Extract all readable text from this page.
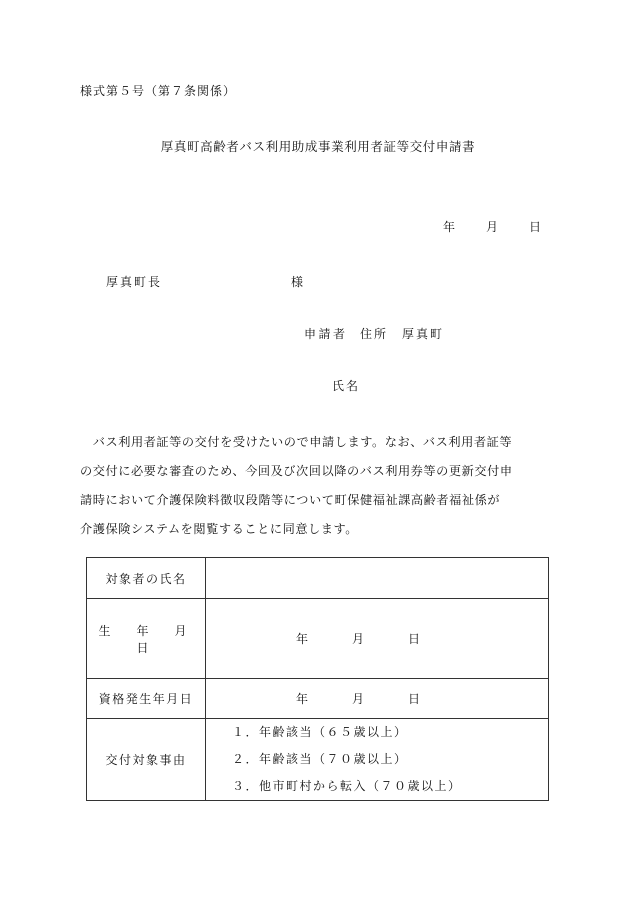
様式第５号（第７条関係）
厚真町高齢者バス利用助成事業利用者証等交付申請書
年	月	日
厚真町長	様
申請者 住所 厚真町
氏名
　バス利用者証等の交付を受けたいので申請します。なお、バス利用者証等
の交付に必要な審査のため、今回及び次回以降のバス利用券等の更新交付申
請時において介護保険料徴収段階等について町保健福祉課高齢者福祉係が
介護保険システムを閲覧することに同意します。
対象者の氏名	
生　年　月　日	年 月 日

資格発生年月日	年 月 日

交付対象事由	１．年齢該当（６５歳以上）
２．年齢該当（７０歳以上）
３．他市町村から転入（７０歳以上）
